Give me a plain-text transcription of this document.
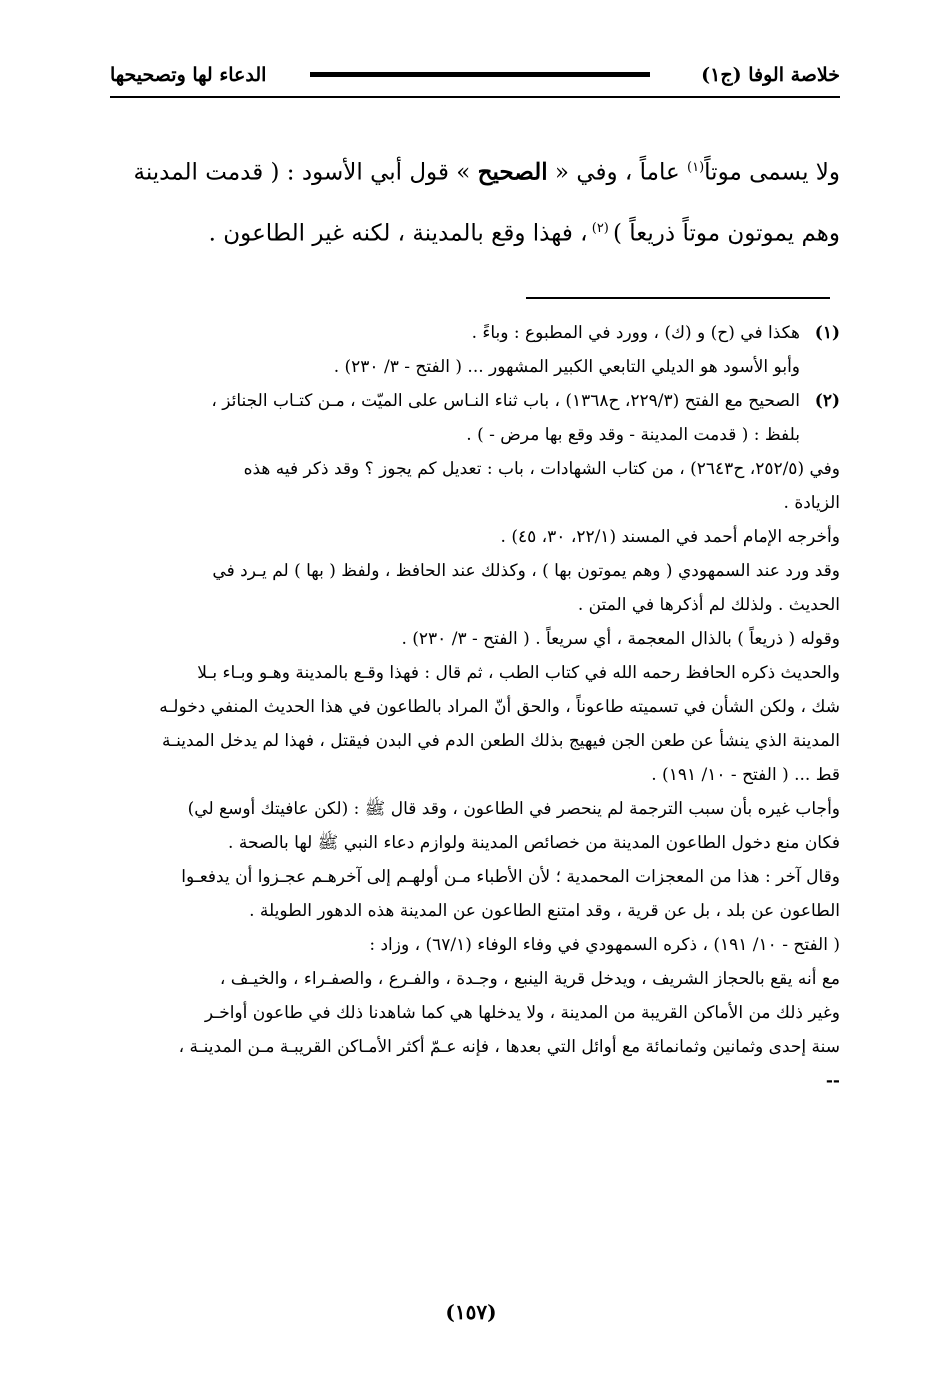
خلاصة الوفا (ج١)
الدعاء لها وتصحيحها

ولا يسمى موتاً$^{(١)}$ عاماً ، وفي « الصحيح » قول أبي الأسود : ( قدمت المدينة

وهم يموتون موتاً ذريعاً ) $^{(٢)}$ ، فهذا وقع بالمدينة ، لكنه غير الطاعون .

(١)هكذا في (ح) و (ك) ، وورد في المطبوع : وباءً .

وأبو الأسود هو الديلي التابعي الكبير المشهور ... ( الفتح - ٣/ ٢٣٠) .

(٢)الصحيح مع الفتح (٢٢٩/٣، ح١٣٦٨) ، باب ثناء النـاس على الميّت ، مـن كتـاب الجنائز ،

بلفظ : ( قدمت المدينة - وقد وقع بها مرض - ) .

وفي (٢٥٢/٥، ح٢٦٤٣) ، من كتاب الشهادات ، باب : تعديل كم يجوز ؟ وقد ذكر فيه هذه

الزيادة .

وأخرجه الإمام أحمد في المسند (٢٢/١، ٣٠، ٤٥) .

وقد ورد عند السمهودي ( وهم يموتون بها ) ، وكذلك عند الحافظ ، ولفظ ( بها ) لم يـرد في

الحديث . ولذلك لم أذكرها في المتن .

وقوله ( ذريعاً ) بالذال المعجمة ، أي سريعاً . ( الفتح - ٣/ ٢٣٠) .

والحديث ذكره الحافظ رحمه الله في كتاب الطب ، ثم قال : فهذا وقـع بالمدينة وهـو وبـاء بـلا

شك ، ولكن الشأن في تسميته طاعوناً ، والحق أنّ المراد بالطاعون في هذا الحديث المنفي دخولـه

المدينة الذي ينشأ عن طعن الجن فيهيج بذلك الطعن الدم في البدن فيقتل ، فهذا لم يدخل المدينـة

قط ... ( الفتح - ١٠/ ١٩١) .

وأجاب غيره بأن سبب الترجمة لم ينحصر في الطاعون ، وقد قال ﷺ : (لكن عافيتك أوسع لي)

فكان منع دخول الطاعون المدينة من خصائص المدينة ولوازم دعاء النبي ﷺ لها بالصحة .

وقال آخر : هذا من المعجزات المحمدية ؛ لأن الأطباء مـن أولهـم إلى آخرهـم عجـزوا أن يدفعـوا

الطاعون عن بلد ، بل عن قرية ، وقد امتنع الطاعون عن المدينة هذه الدهور الطويلة .

( الفتح - ١٠/ ١٩١) ، ذكره السمهودي في وفاء الوفاء (٦٧/١) ، وزاد :

مع أنه يقع بالحجاز الشريف ، ويدخل قرية الينبع ، وجـدة ، والفـرع ، والصفـراء ، والخيـف ،

وغير ذلك من الأماكن القريبة من المدينة ، ولا يدخلها هي كما شاهدنا ذلك في طاعون أواخـر

سنة إحدى وثمانين وثمانمائة مع أوائل التي بعدها ، فإنه عـمّ أكثر الأمـاكن القريبـة مـن المدينـة ،

--

(١٥٧)
